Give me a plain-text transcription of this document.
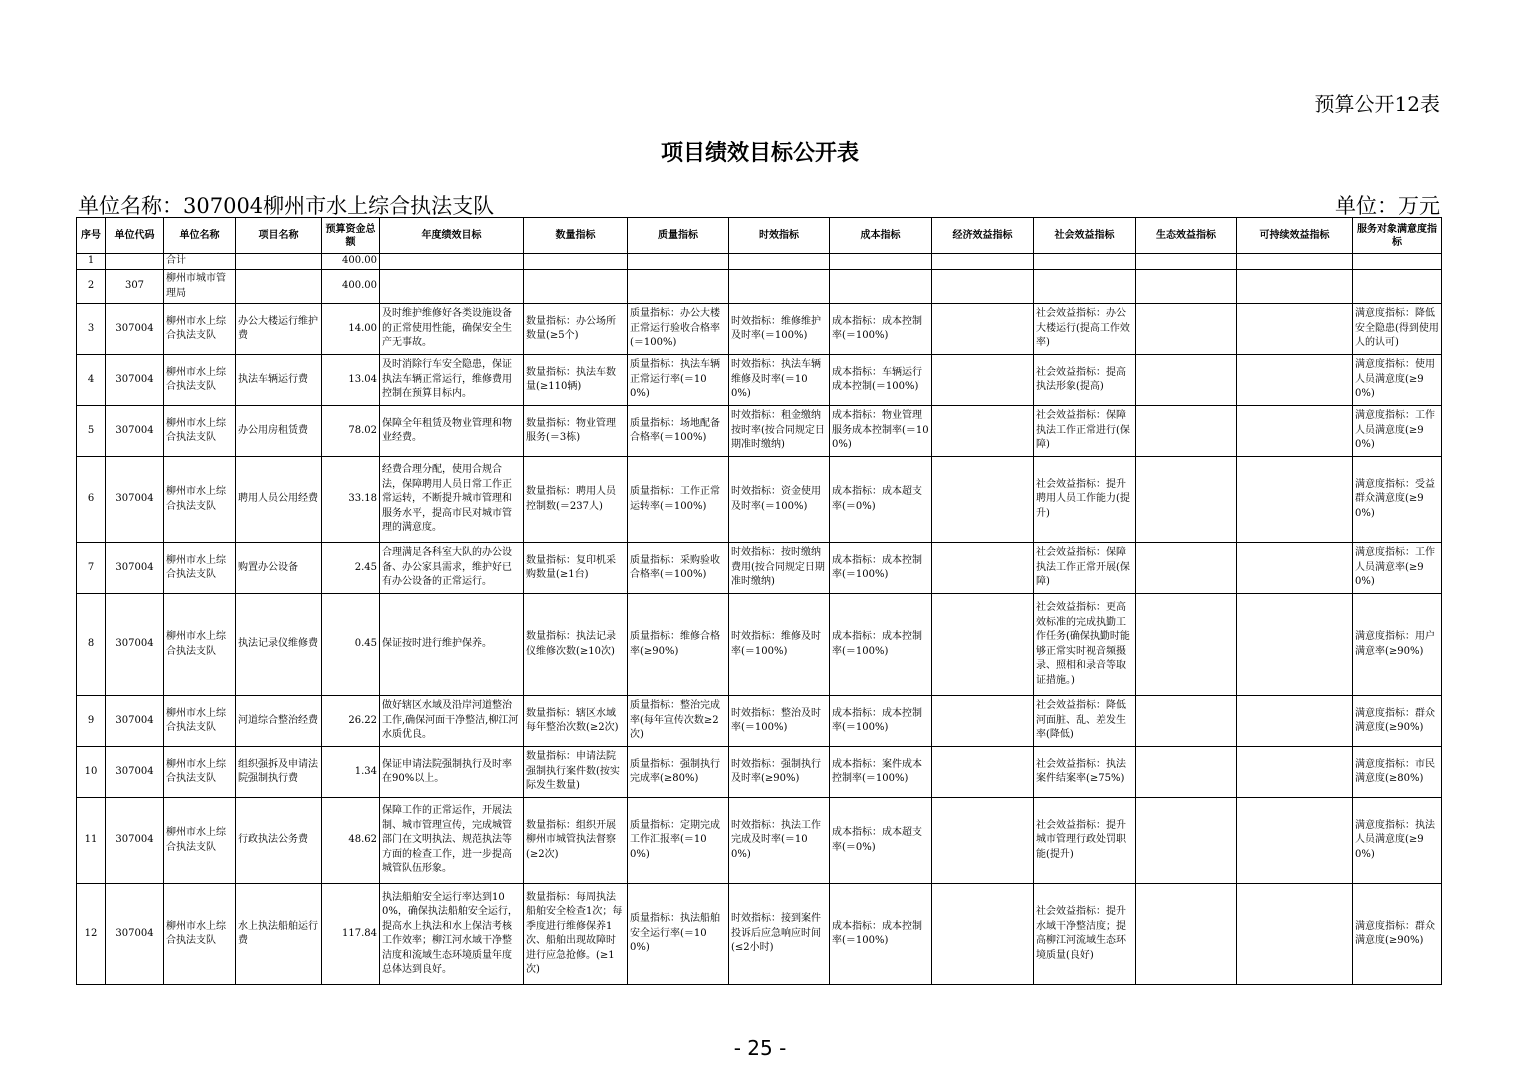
预算公开12表
项目绩效目标公开表
单位名称：307004柳州市水上综合执法支队	单位：万元
序号	单位代码	单位名称	项目名称	预算资金总额	年度绩效目标	数量指标	质量指标	时效指标	成本指标	经济效益指标	社会效益指标	生态效益指标	可持续效益指标	服务对象满意度指标
1		合计		400.00										
2	307	柳州市城市管理局		400.00										
3	307004	柳州市水上综合执法支队	办公大楼运行维护费	14.00	及时维护维修好各类设施设备的正常使用性能，确保安全生产无事故。	数量指标：办公场所数量(≥5个)	质量指标：办公大楼正常运行验收合格率(＝100%)	时效指标：维修维护及时率(＝100%)	成本指标：成本控制率(＝100%)		社会效益指标：办公大楼运行(提高工作效率)			满意度指标：降低安全隐患(得到使用人的认可)
4	307004	柳州市水上综合执法支队	执法车辆运行费	13.04	及时消除行车安全隐患，保证执法车辆正常运行，维修费用控制在预算目标内。	数量指标：执法车数量(≥110辆)	质量指标：执法车辆正常运行率(＝100%)	时效指标：执法车辆维修及时率(＝100%)	成本指标：车辆运行成本控制(＝100%)		社会效益指标：提高执法形象(提高)			满意度指标：使用人员满意度(≥90%)
5	307004	柳州市水上综合执法支队	办公用房租赁费	78.02	保障全年租赁及物业管理和物业经费。	数量指标：物业管理服务(＝3栋)	质量指标：场地配备合格率(＝100%)	时效指标：租金缴纳按时率(按合同规定日期准时缴纳)	成本指标：物业管理服务成本控制率(＝100%)		社会效益指标：保障执法工作正常进行(保障)			满意度指标：工作人员满意度(≥90%)
6	307004	柳州市水上综合执法支队	聘用人员公用经费	33.18	经费合理分配，使用合规合法，保障聘用人员日常工作正常运转，不断提升城市管理和服务水平，提高市民对城市管理的满意度。	数量指标：聘用人员控制数(＝237人)	质量指标：工作正常运转率(＝100%)	时效指标：资金使用及时率(＝100%)	成本指标：成本超支率(＝0%)		社会效益指标：提升聘用人员工作能力(提升)			满意度指标：受益群众满意度(≥90%)
7	307004	柳州市水上综合执法支队	购置办公设备	2.45	合理满足各科室大队的办公设备、办公家具需求，维护好已有办公设备的正常运行。	数量指标：复印机采购数量(≥1台)	质量指标：采购验收合格率(＝100%)	时效指标：按时缴纳费用(按合同规定日期准时缴纳)	成本指标：成本控制率(＝100%)		社会效益指标：保障执法工作正常开展(保障)			满意度指标：工作人员满意率(≥90%)
8	307004	柳州市水上综合执法支队	执法记录仪维修费	0.45	保证按时进行维护保养。	数量指标：执法记录仪维修次数(≥10次)	质量指标：维修合格率(≥90%)	时效指标：维修及时率(＝100%)	成本指标：成本控制率(＝100%)		社会效益指标：更高效标准的完成执勤工作任务(确保执勤时能够正常实时视音频摄录、照相和录音等取证措施。)			满意度指标：用户满意率(≥90%)
9	307004	柳州市水上综合执法支队	河道综合整治经费	26.22	做好辖区水域及沿岸河道整治工作,确保河面干净整洁,柳江河水质优良。	数量指标：辖区水域每年整治次数(≥2次)	质量指标：整治完成率(每年宣传次数≥2次)	时效指标：整治及时率(＝100%)	成本指标：成本控制率(＝100%)		社会效益指标：降低河面脏、乱、差发生率(降低)			满意度指标：群众满意度(≥90%)
10	307004	柳州市水上综合执法支队	组织强拆及申请法院强制执行费	1.34	保证申请法院强制执行及时率在90%以上。	数量指标：申请法院强制执行案件数(按实际发生数量)	质量指标：强制执行完成率(≥80%)	时效指标：强制执行及时率(≥90%)	成本指标：案件成本控制率(＝100%)		社会效益指标：执法案件结案率(≥75%)			满意度指标：市民满意度(≥80%)
11	307004	柳州市水上综合执法支队	行政执法公务费	48.62	保障工作的正常运作，开展法制、城市管理宣传，完成城管部门在文明执法、规范执法等方面的检查工作，进一步提高城管队伍形象。	数量指标：组织开展柳州市城管执法督察(≥2次)	质量指标：定期完成工作汇报率(＝100%)	时效指标：执法工作完成及时率(＝100%)	成本指标：成本超支率(＝0%)		社会效益指标：提升城市管理行政处罚职能(提升)			满意度指标：执法人员满意度(≥90%)
12	307004	柳州市水上综合执法支队	水上执法船舶运行费	117.84	执法船舶安全运行率达到100%，确保执法船舶安全运行，提高水上执法和水上保洁考核工作效率；柳江河水域干净整洁度和流域生态环境质量年度总体达到良好。	数量指标：每周执法船舶安全检查1次；每季度进行维修保养1次、船舶出现故障时进行应急抢修。(≥1次)	质量指标：执法船舶安全运行率(＝100%)	时效指标：接到案件投诉后应急响应时间(≤2小时)	成本指标：成本控制率(＝100%)		社会效益指标：提升水域干净整洁度；提高柳江河流域生态环境质量(良好)			满意度指标：群众满意度(≥90%)
- 25 -
